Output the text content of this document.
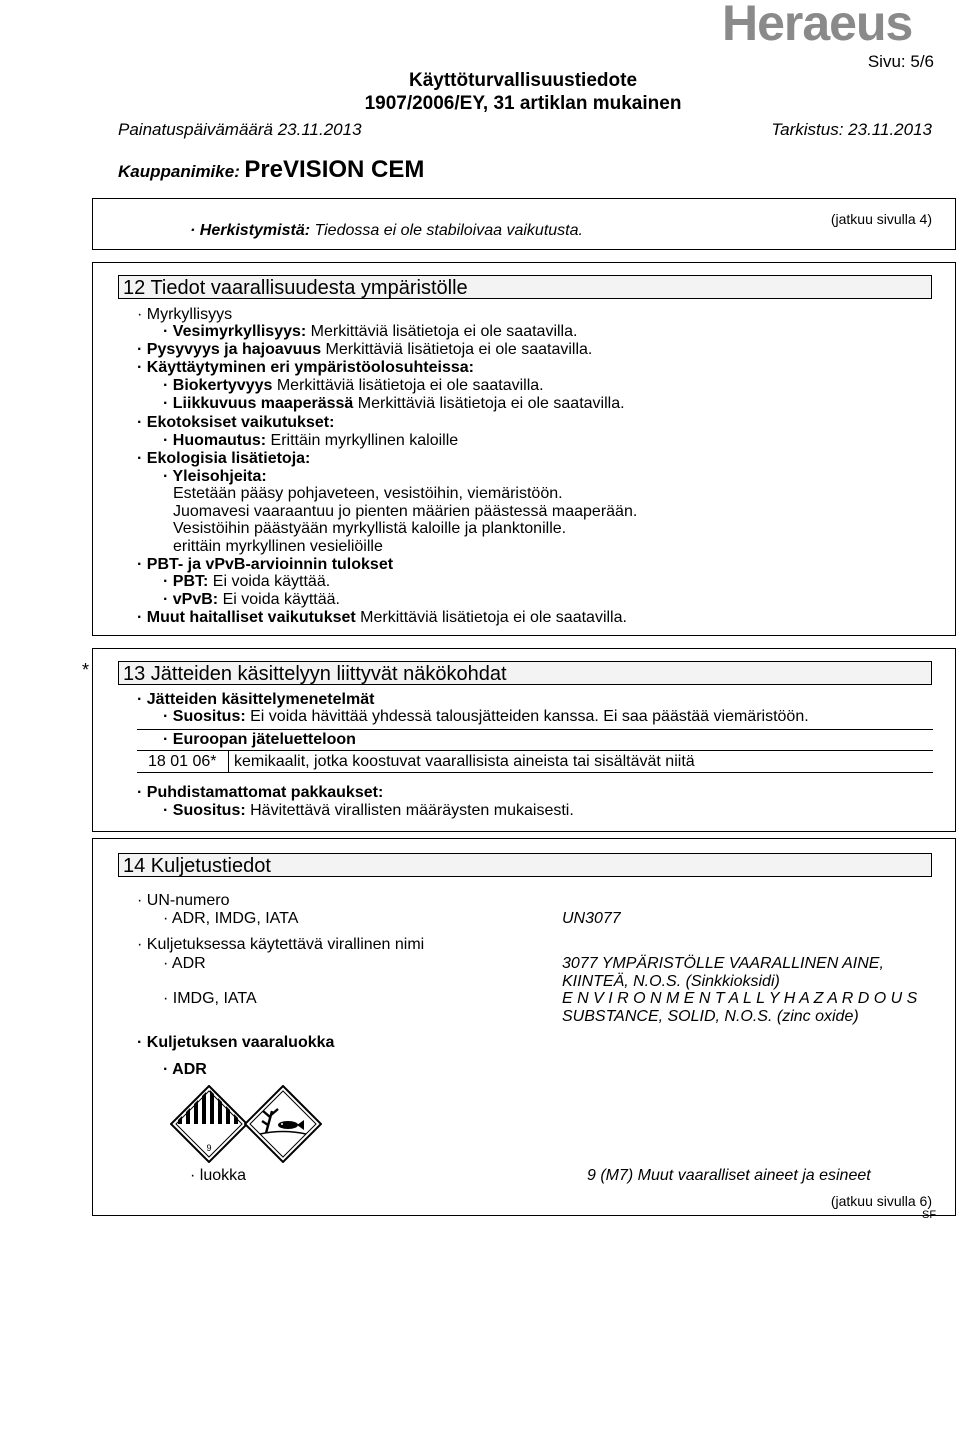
Heraeus
Sivu: 5/6
Käyttöturvallisuustiedote
1907/2006/EY, 31 artiklan mukainen
Painatuspäivämäärä 23.11.2013	Tarkistus: 23.11.2013
Kauppanimike: PreVISION CEM
(jatkuu sivulla 4)
· Herkistymistä: Tiedossa ei ole stabiloivaa vaikutusta.
12 Tiedot vaarallisuudesta ympäristölle
· Myrkyllisyys
· Vesimyrkyllisyys: Merkittäviä lisätietoja ei ole saatavilla.
· Pysyvyys ja hajoavuus Merkittäviä lisätietoja ei ole saatavilla.
· Käyttäytyminen eri ympäristöolosuhteissa:
· Biokertyvyys Merkittäviä lisätietoja ei ole saatavilla.
· Liikkuvuus maaperässä Merkittäviä lisätietoja ei ole saatavilla.
· Ekotoksiset vaikutukset:
· Huomautus: Erittäin myrkyllinen kaloille
· Ekologisia lisätietoja:
· Yleisohjeita:
Estetään pääsy pohjaveteen, vesistöihin, viemäristöön.
Juomavesi vaaraantuu jo pienten määrien päästessä maaperään.
Vesistöihin päästyään myrkyllistä kaloille ja planktonille.
erittäin myrkyllinen vesieliöille
· PBT- ja vPvB-arvioinnin tulokset
· PBT: Ei voida käyttää.
· vPvB: Ei voida käyttää.
· Muut haitalliset vaikutukset Merkittäviä lisätietoja ei ole saatavilla.
* 13 Jätteiden käsittelyyn liittyvät näkökohdat
· Jätteiden käsittelymenetelmät
· Suositus: Ei voida hävittää yhdessä talousjätteiden kanssa. Ei saa päästää viemäristöön.
· Euroopan jäteluetteloon
18 01 06* kemikaalit, jotka koostuvat vaarallisista aineista tai sisältävät niitä
· Puhdistamattomat pakkaukset:
· Suositus: Hävitettävä virallisten määräysten mukaisesti.
14 Kuljetustiedot
· UN-numero
· ADR, IMDG, IATA	UN3077
· Kuljetuksessa käytettävä virallinen nimi
· ADR	3077 YMPÄRISTÖLLE VAARALLINEN AINE,
KIINTEÄ, N.O.S. (Sinkkioksidi)
· IMDG, IATA	E N V I R O N M E N T A L L Y H A Z A R D O U S
SUBSTANCE, SOLID, N.O.S. (zinc oxide)
· Kuljetuksen vaaraluokka
· ADR
9
· luokka	9 (M7) Muut vaaralliset aineet ja esineet
(jatkuu sivulla 6)
SF
